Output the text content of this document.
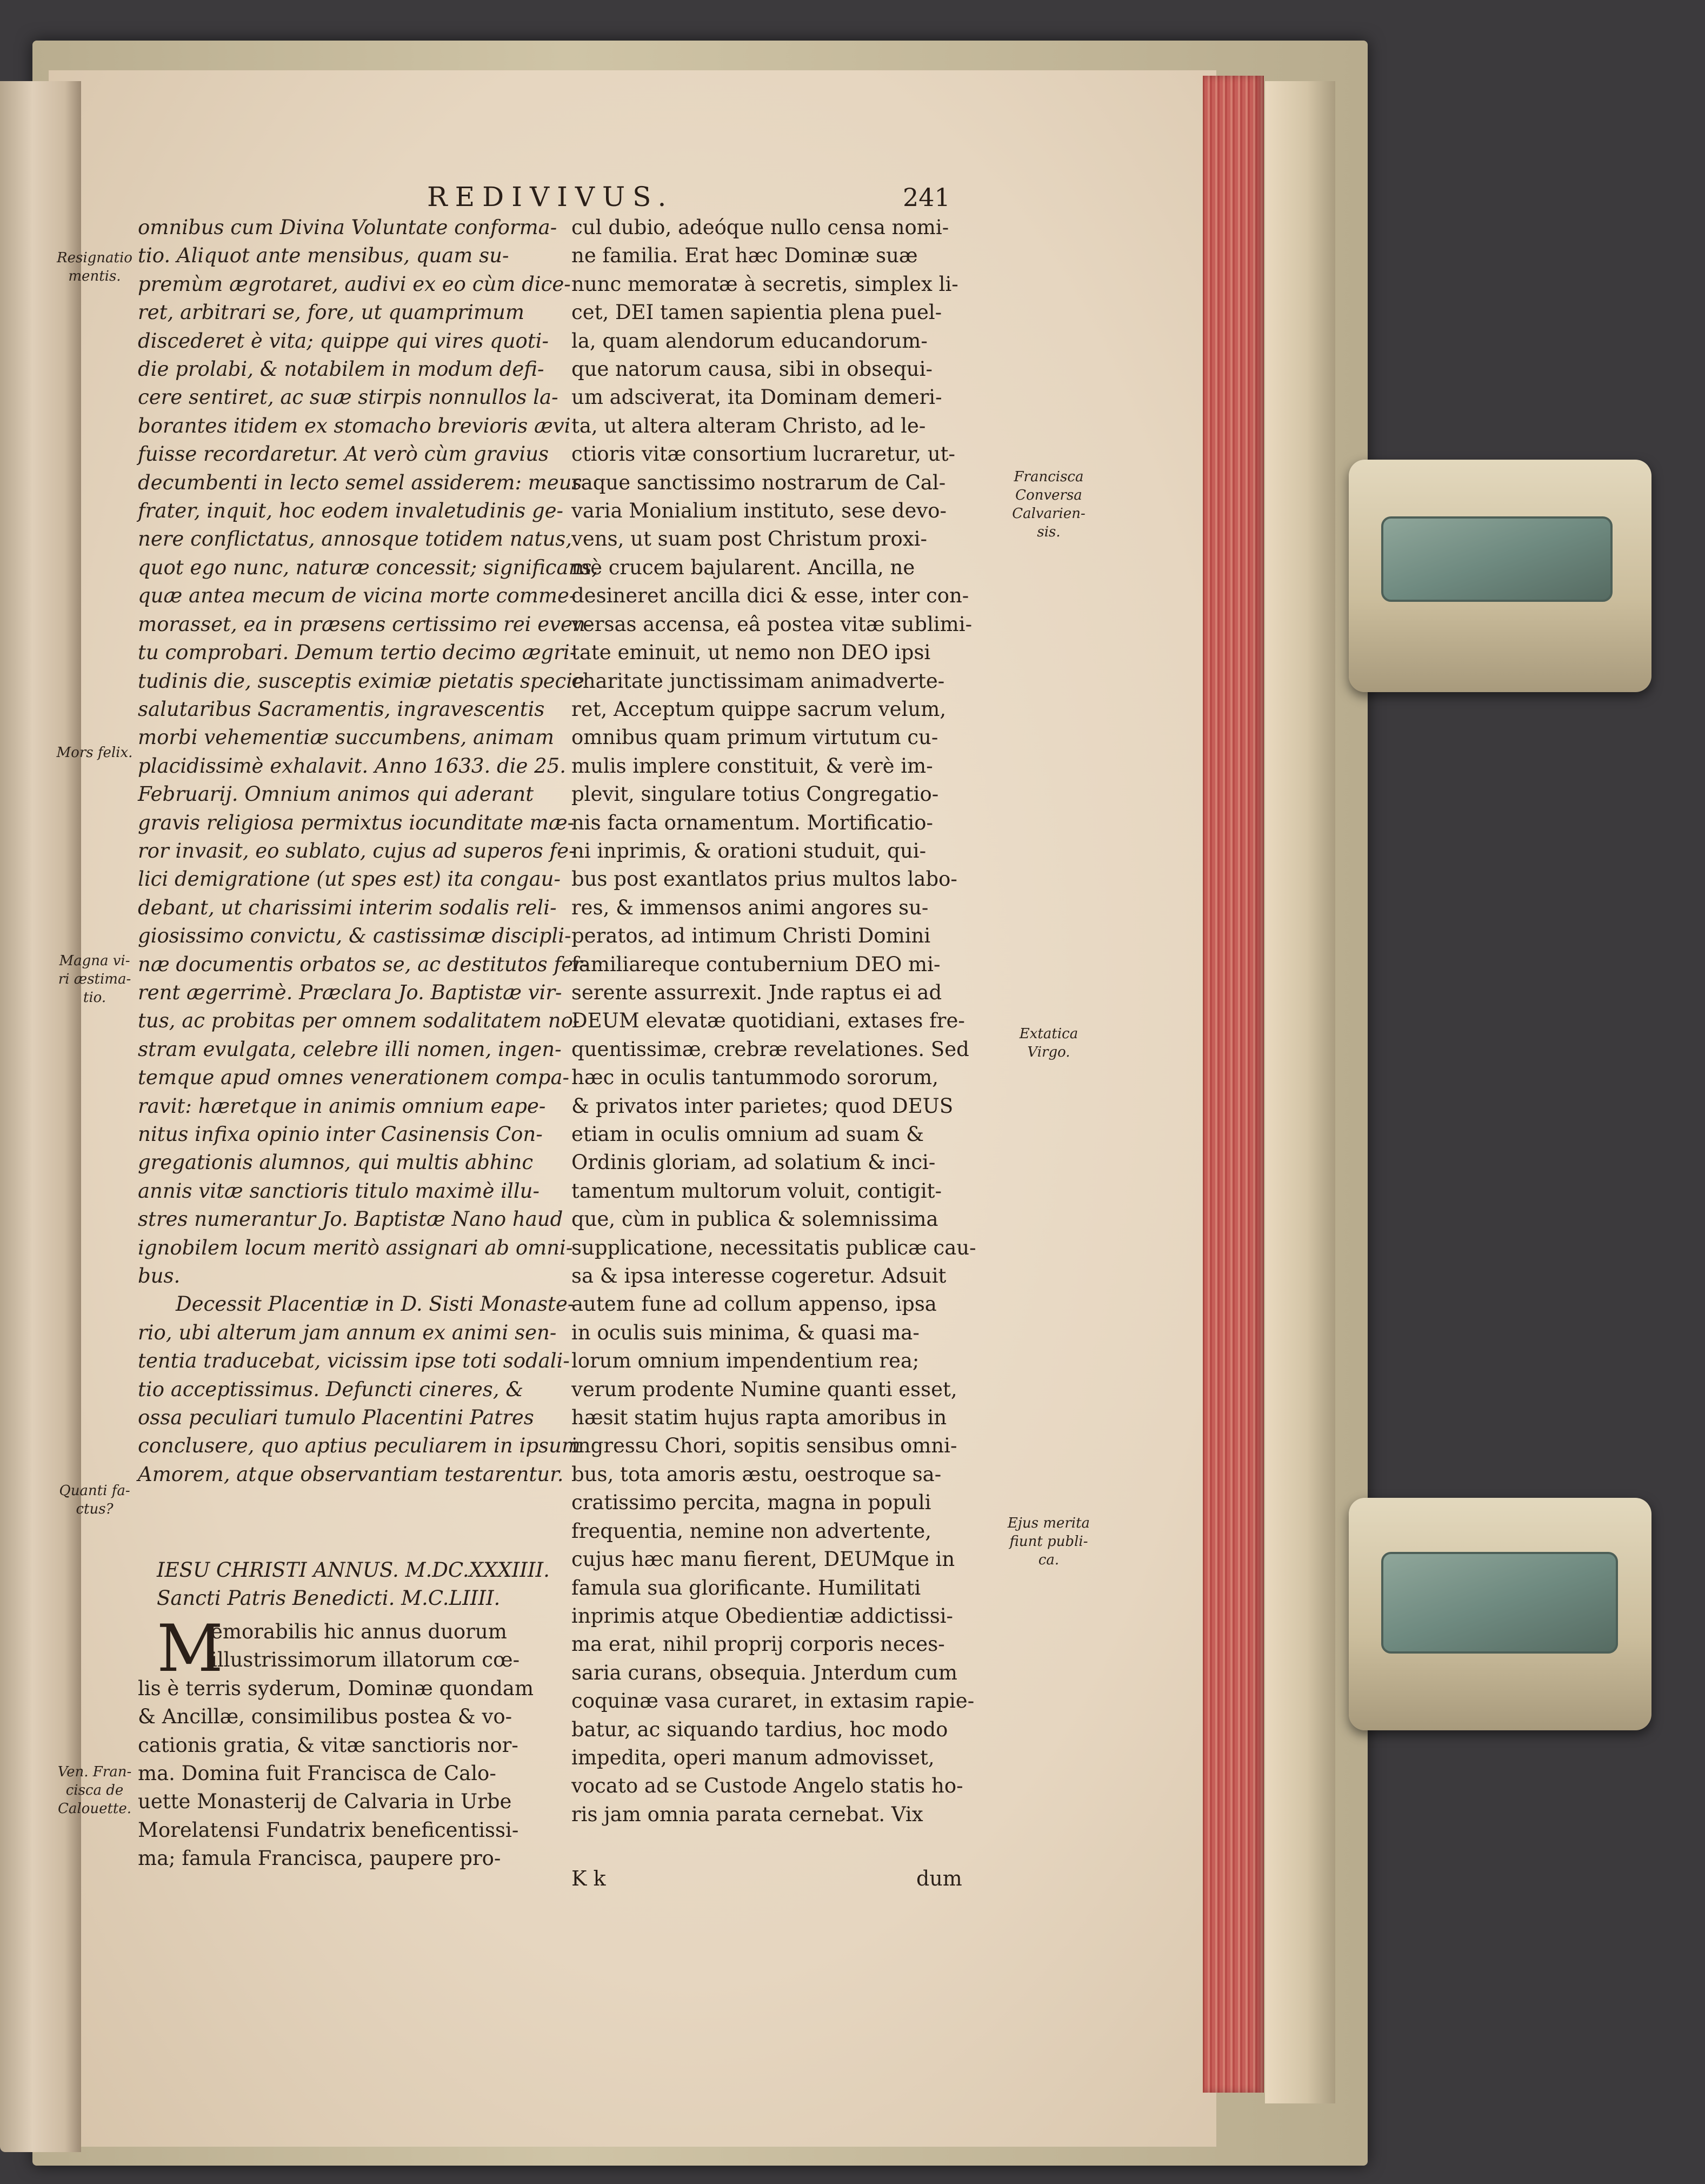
REDIVIVUS.	241

omnibus cum Divina Voluntate conforma-

tio. Aliquot ante mensibus, quam su-

premùm ægrotaret, audivi ex eo cùm dice-

ret, arbitrari se, fore, ut quamprimum

discederet è vita; quippe qui vires quoti-

die prolabi, & notabilem in modum defi-

cere sentiret, ac suæ stirpis nonnullos la-

borantes itidem ex stomacho brevioris ævi

fuisse recordaretur. At verò cùm gravius

decumbenti in lecto semel assiderem: meus

frater, inquit, hoc eodem invaletudinis ge-

nere conflictatus, annosque totidem natus,

quot ego nunc, naturæ concessit; significans,

quæ antea mecum de vicina morte comme-

morasset, ea in præsens certissimo rei even-

tu comprobari. Demum tertio decimo ægri-

tudinis die, susceptis eximiæ pietatis specie

salutaribus Sacramentis, ingravescentis

morbi vehementiæ succumbens, animam

placidissimè exhalavit. Anno 1633. die 25.

Februarij. Omnium animos qui aderant

gravis religiosa permixtus iocunditate mæ-

ror invasit, eo sublato, cujus ad superos fe-

lici demigratione (ut spes est) ita congau-

debant, ut charissimi interim sodalis reli-

giosissimo convictu, & castissimæ discipli-

næ documentis orbatos se, ac destitutos fer-

rent ægerrimè. Præclara Jo. Baptistæ vir-

tus, ac probitas per omnem sodalitatem no-

stram evulgata, celebre illi nomen, ingen-

temque apud omnes venerationem compa-

ravit: hæretque in animis omnium eape-

nitus infixa opinio inter Casinensis Con-

gregationis alumnos, qui multis abhinc

annis vitæ sanctioris titulo maximè illu-

stres numerantur Jo. Baptistæ Nano haud

ignobilem locum meritò assignari ab omni-

bus.

Decessit Placentiæ in D. Sisti Monaste-

rio, ubi alterum jam annum ex animi sen-

tentia traducebat, vicissim ipse toti sodali-

tio acceptissimus. Defuncti cineres, &

ossa peculiari tumulo Placentini Patres

conclusere, quo aptius peculiarem in ipsum

Amorem, atque observantiam testarentur.

IESU CHRISTI ANNUS. M.DC.XXXIIII.
Sancti Patris Benedicti. M.C.LIIII.
M

emorabilis hic annus duorum

illustrissimorum illatorum cœ-

lis è terris syderum, Dominæ quondam

& Ancillæ, consimilibus postea & vo-

cationis gratia, & vitæ sanctioris nor-

ma. Domina fuit Francisca de Calo-

uette Monasterij de Calvaria in Urbe

Morelatensi Fundatrix beneficentissi-

ma; famula Francisca, paupere pro-

cul dubio, adeóque nullo censa nomi-

ne familia. Erat hæc Dominæ suæ

nunc memoratæ à secretis, simplex li-

cet, DEI tamen sapientia plena puel-

la, quam alendorum educandorum-

que natorum causa, sibi in obsequi-

um adsciverat, ita Dominam demeri-

ta, ut altera alteram Christo, ad le-

ctioris vitæ consortium lucraretur, ut-

raque sanctissimo nostrarum de Cal-

varia Monialium instituto, sese devo-

vens, ut suam post Christum proxi-

mè crucem bajularent. Ancilla, ne

desineret ancilla dici & esse, inter con-

versas accensa, eâ postea vitæ sublimi-

tate eminuit, ut nemo non DEO ipsi

charitate junctissimam animadverte-

ret, Acceptum quippe sacrum velum,

omnibus quam primum virtutum cu-

mulis implere constituit, & verè im-

plevit, singulare totius Congregatio-

nis facta ornamentum. Mortificatio-

ni inprimis, & orationi studuit, qui-

bus post exantlatos prius multos labo-

res, & immensos animi angores su-

peratos, ad intimum Christi Domini

familiareque contubernium DEO mi-

serente assurrexit. Jnde raptus ei ad

DEUM elevatæ quotidiani, extases fre-

quentissimæ, crebræ revelationes. Sed

hæc in oculis tantummodo sororum,

& privatos inter parietes; quod DEUS

etiam in oculis omnium ad suam &

Ordinis gloriam, ad solatium & inci-

tamentum multorum voluit, contigit-

que, cùm in publica & solemnissima

supplicatione, necessitatis publicæ cau-

sa & ipsa interesse cogeretur. Adsuit

autem fune ad collum appenso, ipsa

in oculis suis minima, & quasi ma-

lorum omnium impendentium rea;

verum prodente Numine quanti esset,

hæsit statim hujus rapta amoribus in

ingressu Chori, sopitis sensibus omni-

bus, tota amoris æstu, oestroque sa-

cratissimo percita, magna in populi

frequentia, nemine non advertente,

cujus hæc manu fierent, DEUMque in

famula sua glorificante. Humilitati

inprimis atque Obedientiæ addictissi-

ma erat, nihil proprij corporis neces-

saria curans, obsequia. Jnterdum cum

coquinæ vasa curaret, in extasim rapie-

batur, ac siquando tardius, hoc modo

impedita, operi manum admovisset,

vocato ad se Custode Angelo statis ho-

ris jam omnia parata cernebat. Vix

K k	dum
Resignatio
mentis.
Mors felix.
Magna vi-
ri æstima-
tio.
Quanti fa-
ctus?
Ven. Fran-
cisca de
Calouette.
Francisca
Conversa
Calvarien-
sis.
Extatica
Virgo.
Ejus merita
fiunt publi-
ca.
